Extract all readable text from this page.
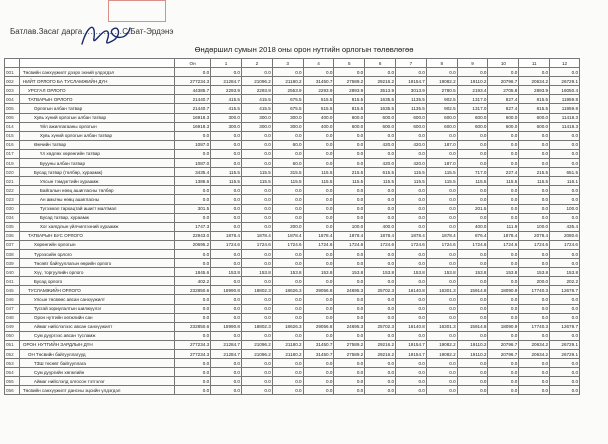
Батлав.Засаг дарга……………С.Бат-Эрдэнэ
Өндөршил сумын 2018 оны орон нутгийн орлогын төлөвлөгөө
		Он	1	2	3	4	5	6	7	8	9	10	11	12
001	Төсвийн санхүүжилт дээрх эхний үлдэгдэл	0.0	0.0	0.0	0.0	0.0	0.0	0.0	0.0	0.0	0.0	0.0	0.0	0.0
002	НИЙТ ОРЛОГО БА ТУСЛАМЖИЙН ДҮН	277234.3	21284.7	21096.2	21180.2	31450.7	27589.2	29216.2	19154.7	19082.2	19110.2	20796.7	20634.2	26729.1
003	УРСГАЛ ОРЛОГО	44385.7	2293.9	2293.9	2553.9	2293.9	2893.9	3513.9	3013.9	2780.5	2193.4	2705.8	2893.9	16050.4
004	ТАТВАРЫН ОРЛОГО	21440.7	415.5	415.5	675.5	515.5	815.5	1635.5	1135.5	902.5	1317.0	827.4	815.5	11959.8
005	Орлогын албан татвар	21440.7	415.5	415.5	675.5	515.5	815.5	1635.5	1135.5	902.5	1317.0	827.4	815.5	11959.8
006	Хувь хүний орлогын албан татвар	16918.3	300.0	300.0	300.0	400.0	600.0	600.0	600.0	600.0	600.0	600.0	600.0	11418.3
014	Үйл ажиллагааны орлогын	16918.3	300.0	300.0	300.0	400.0	600.0	600.0	600.0	600.0	600.0	600.0	600.0	11418.3
015	Хувь хүний орлогын албан татвар	0.0	0.0	0.0	0.0	0.0	0.0	0.0	0.0	0.0	0.0	0.0	0.0	0.0
016	Өмчийн татвар	1087.0	0.0	0.0	60.0	0.0	0.0	420.0	420.0	187.0	0.0	0.0	0.0	0.0
017	Үл хөдлөх хөрөнгийн татвар	0.0	0.0	0.0	0.0	0.0	0.0	0.0	0.0	0.0	0.0	0.0	0.0	0.0
019	Буууны албан татвар	1087.0	0.0	0.0	60.0	0.0	0.0	420.0	420.0	187.0	0.0	0.0	0.0	0.0
020	Бусад татвар (төлбөр, хураамж)	3435.4	115.5	115.5	315.5	115.5	215.5	615.5	115.5	115.5	717.0	227.4	215.5	651.5
021	Улсын тэмдэгтийн хураамж	1386.6	115.5	115.5	115.5	115.5	115.5	115.5	115.5	115.5	115.5	115.5	115.5	116.1
022	Байгалын нөөц ашигласны төлбөр	0.0	0.0	0.0	0.0	0.0	0.0	0.0	0.0	0.0	0.0	0.0	0.0	0.0
023	Ан амьтны нөөц ашигласны	0.0	0.0	0.0	0.0	0.0	0.0	0.0	0.0	0.0	0.0	0.0	0.0	0.0
030	Түгээмэл тархацтай ашигт малтмал	301.5	0.0	0.0	0.0	0.0	0.0	0.0	0.0	0.0	201.5	0.0	0.0	100.0
034	Бусад татвар, хураамж	0.0	0.0	0.0	0.0	0.0	0.0	0.0	0.0	0.0	0.0	0.0	0.0	0.0
035	Хог хаягдлын үйлчилгээний хураамж	1747.3	0.0	0.0	200.0	0.0	100.0	400.0	0.0	0.0	400.0	111.9	100.0	435.4
036	ТАТВАРЫН БУС ОРЛОГО	22943.0	1878.4	1878.4	1878.4	1878.4	1878.4	1878.4	1878.4	1878.4	876.4	1878.4	2078.4	2080.6
037	Хөрөнгийн орлогын	20695.2	1724.6	1724.6	1724.6	1724.6	1724.6	1724.6	1724.6	1724.6	1724.6	1724.6	1724.6	1724.6
038	Түрээсийн орлого	0.0	0.0	0.0	0.0	0.0	0.0	0.0	0.0	0.0	0.0	0.0	0.0	0.0
039	Төсөвт байгууллагын өөрийн орлого	0.0	0.0	0.0	0.0	0.0	0.0	0.0	0.0	0.0	0.0	0.0	0.0	0.0
040	Хүү, торгуулийн орлого	1845.6	153.8	153.8	153.8	153.8	153.8	153.8	153.8	153.8	153.8	153.8	153.8	153.8
041	Бусад орлого	402.2	0.0	0.0	0.0	0.0	0.0	0.0	0.0	0.0	0.0	0.0	200.0	202.2
045	ТУСЛАМЖИЙН ОРЛОГО	232850.6	18990.8	18802.3	18626.3	29056.8	24695.3	25702.3	16140.8	16301.3	15914.8	18090.9	17740.3	12678.7
046	Улсын төсвөөс авсан санхүүжилт	0.0	0.0	0.0	0.0	0.0	0.0	0.0	0.0	0.0	0.0	0.0	0.0	0.0
047	Тусгай зориулалтын шилжүүлэг	0.0	0.0	0.0	0.0	0.0	0.0	0.0	0.0	0.0	0.0	0.0	0.0	0.0
048	Орон нутгийн хөгжлийн сан	0.0	0.0	0.0	0.0	0.0	0.0	0.0	0.0	0.0	0.0	0.0	0.0	0.0
049	Аймаг нийслэлээс авсан санхүүжилт	232850.6	18990.8	18802.3	18626.3	29056.8	24695.3	25702.3	16140.8	16301.3	15914.8	18090.9	17740.3	12678.7
050	Сум дүүргээс авсан тусламж	0.0	0.0	0.0	0.0	0.0	0.0	0.0	0.0	0.0	0.0	0.0	0.0	0.0
051	ОРОН НУТГИЙН ЗАРДЛЫН ДҮН	277234.3	21284.7	21096.2	21180.2	31450.7	27589.2	29216.2	19154.7	19082.2	19110.2	20796.7	20634.2	26729.1
052	ОН Төсвийн байгууллагууд	277234.3	21284.7	21096.2	21180.2	31450.7	27589.2	29216.2	19154.7	19082.2	19110.2	20796.7	20634.2	26729.1
053	ТЗШ төсөвт байгууллага	0.0	0.0	0.0	0.0	0.0	0.0	0.0	0.0	0.0	0.0	0.0	0.0	0.0
054	Сум дүүргийн хөгжлийн	0.0	0.0	0.0	0.0	0.0	0.0	0.0	0.0	0.0	0.0	0.0	0.0	0.0
055	Аймаг нийслэлд олгосон тэтгэлэг	0.0	0.0	0.0	0.0	0.0	0.0	0.0	0.0	0.0	0.0	0.0	0.0	0.0
056	Төсвийн санхүүжилт дансны эцсийн үлдэгдэл	0.0	0.0	0.0	0.0	0.0	0.0	0.0	0.0	0.0	0.0	0.0	0.0	0.0
